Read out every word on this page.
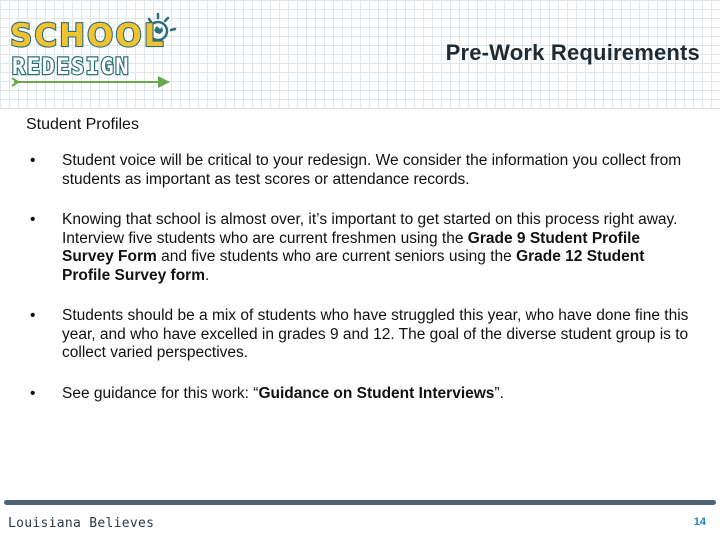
SCHOOL
REDESIGN
Pre-Work Requirements
Student Profiles
• Student voice will be critical to your redesign. We consider the information you collect from students as important as test scores or attendance records.
• Knowing that school is almost over, it’s important to get started on this process right away. Interview five students who are current freshmen using the Grade 9 Student Profile Survey Form and five students who are current seniors using the Grade 12 Student Profile Survey form.
• Students should be a mix of students who have struggled this year, who have done fine this year, and who have excelled in grades 9 and 12. The goal of the diverse student group is to collect varied perspectives.
• See guidance for this work: “Guidance on Student Interviews”.
Louisiana Believes	14
